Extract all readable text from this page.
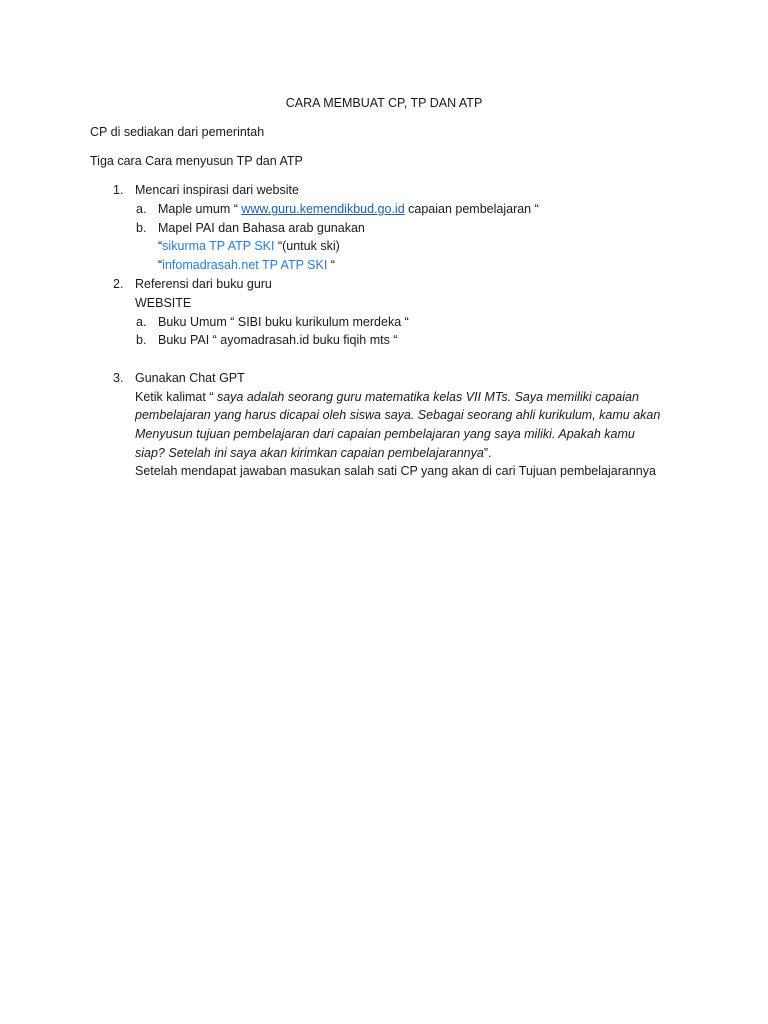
CARA MEMBUAT CP, TP DAN ATP
CP di sediakan dari pemerintah
Tiga cara Cara menyusun TP dan ATP
1. Mencari inspirasi dari website
a. Maple umum “ www.guru.kemendikbud.go.id capaian pembelajaran “
b. Mapel PAI dan Bahasa arab gunakan
“sikurma TP ATP SKI “(untuk ski)
“infomadrasah.net TP ATP SKI “
2. Referensi dari buku guru
WEBSITE
a. Buku Umum “ SIBI buku kurikulum merdeka “
b. Buku PAI “ ayomadrasah.id buku fiqih mts “
3. Gunakan Chat GPT
Ketik kalimat “ saya adalah seorang guru matematika kelas VII MTs. Saya memiliki capaian
pembelajaran yang harus dicapai oleh siswa saya. Sebagai seorang ahli kurikulum, kamu akan
Menyusun tujuan pembelajaran dari capaian pembelajaran yang saya miliki. Apakah kamu
siap? Setelah ini saya akan kirimkan capaian pembelajarannya”.
Setelah mendapat jawaban masukan salah sati CP yang akan di cari Tujuan pembelajarannya
